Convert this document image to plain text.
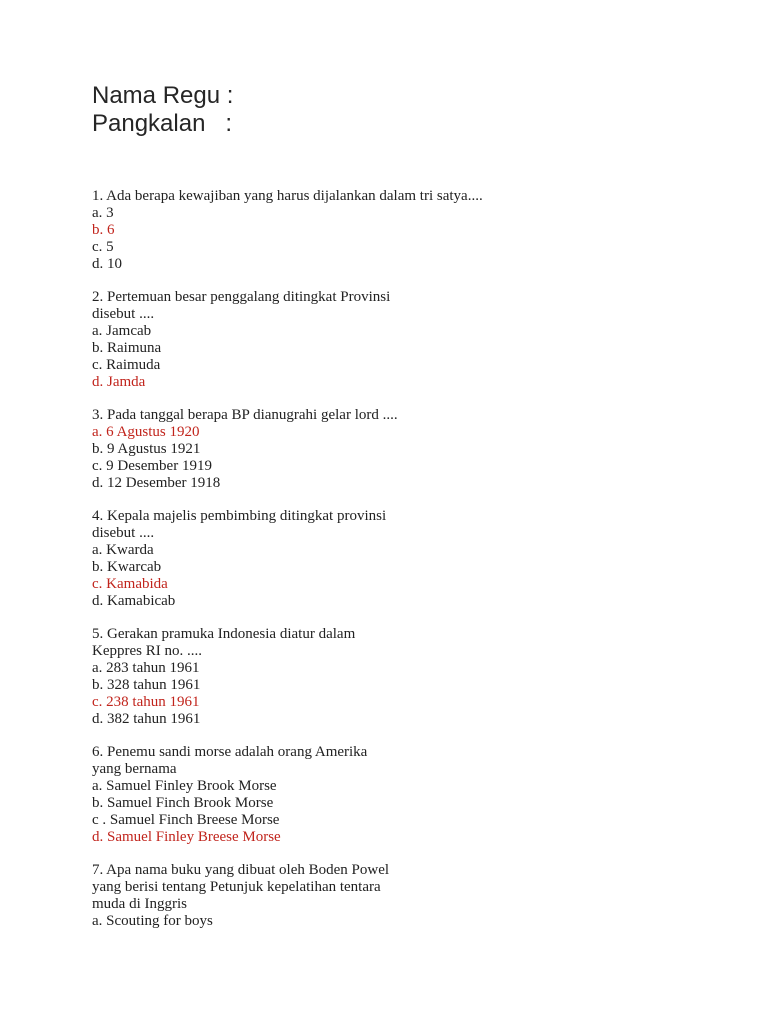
Nama Regu :
Pangkalan   :
1. Ada berapa kewajiban yang harus dijalankan dalam tri satya....
a. 3
b. 6
c. 5
d. 10
2. Pertemuan besar penggalang ditingkat Provinsi
disebut ....
a. Jamcab
b. Raimuna
c. Raimuda
d. Jamda
3. Pada tanggal berapa BP dianugrahi gelar lord ....
a. 6 Agustus 1920
b. 9 Agustus 1921
c. 9 Desember 1919
d. 12 Desember 1918
4. Kepala majelis pembimbing ditingkat provinsi
disebut ....
a. Kwarda
b. Kwarcab
c. Kamabida
d. Kamabicab
5. Gerakan pramuka Indonesia diatur dalam
Keppres RI no. ....
a. 283 tahun 1961
b. 328 tahun 1961
c. 238 tahun 1961
d. 382 tahun 1961
6. Penemu sandi morse adalah orang Amerika
yang bernama
a. Samuel Finley Brook Morse
b. Samuel Finch Brook Morse
c . Samuel Finch Breese Morse
d. Samuel Finley Breese Morse
7. Apa nama buku yang dibuat oleh Boden Powel
yang berisi tentang Petunjuk kepelatihan tentara
muda di Inggris
a. Scouting for boys
